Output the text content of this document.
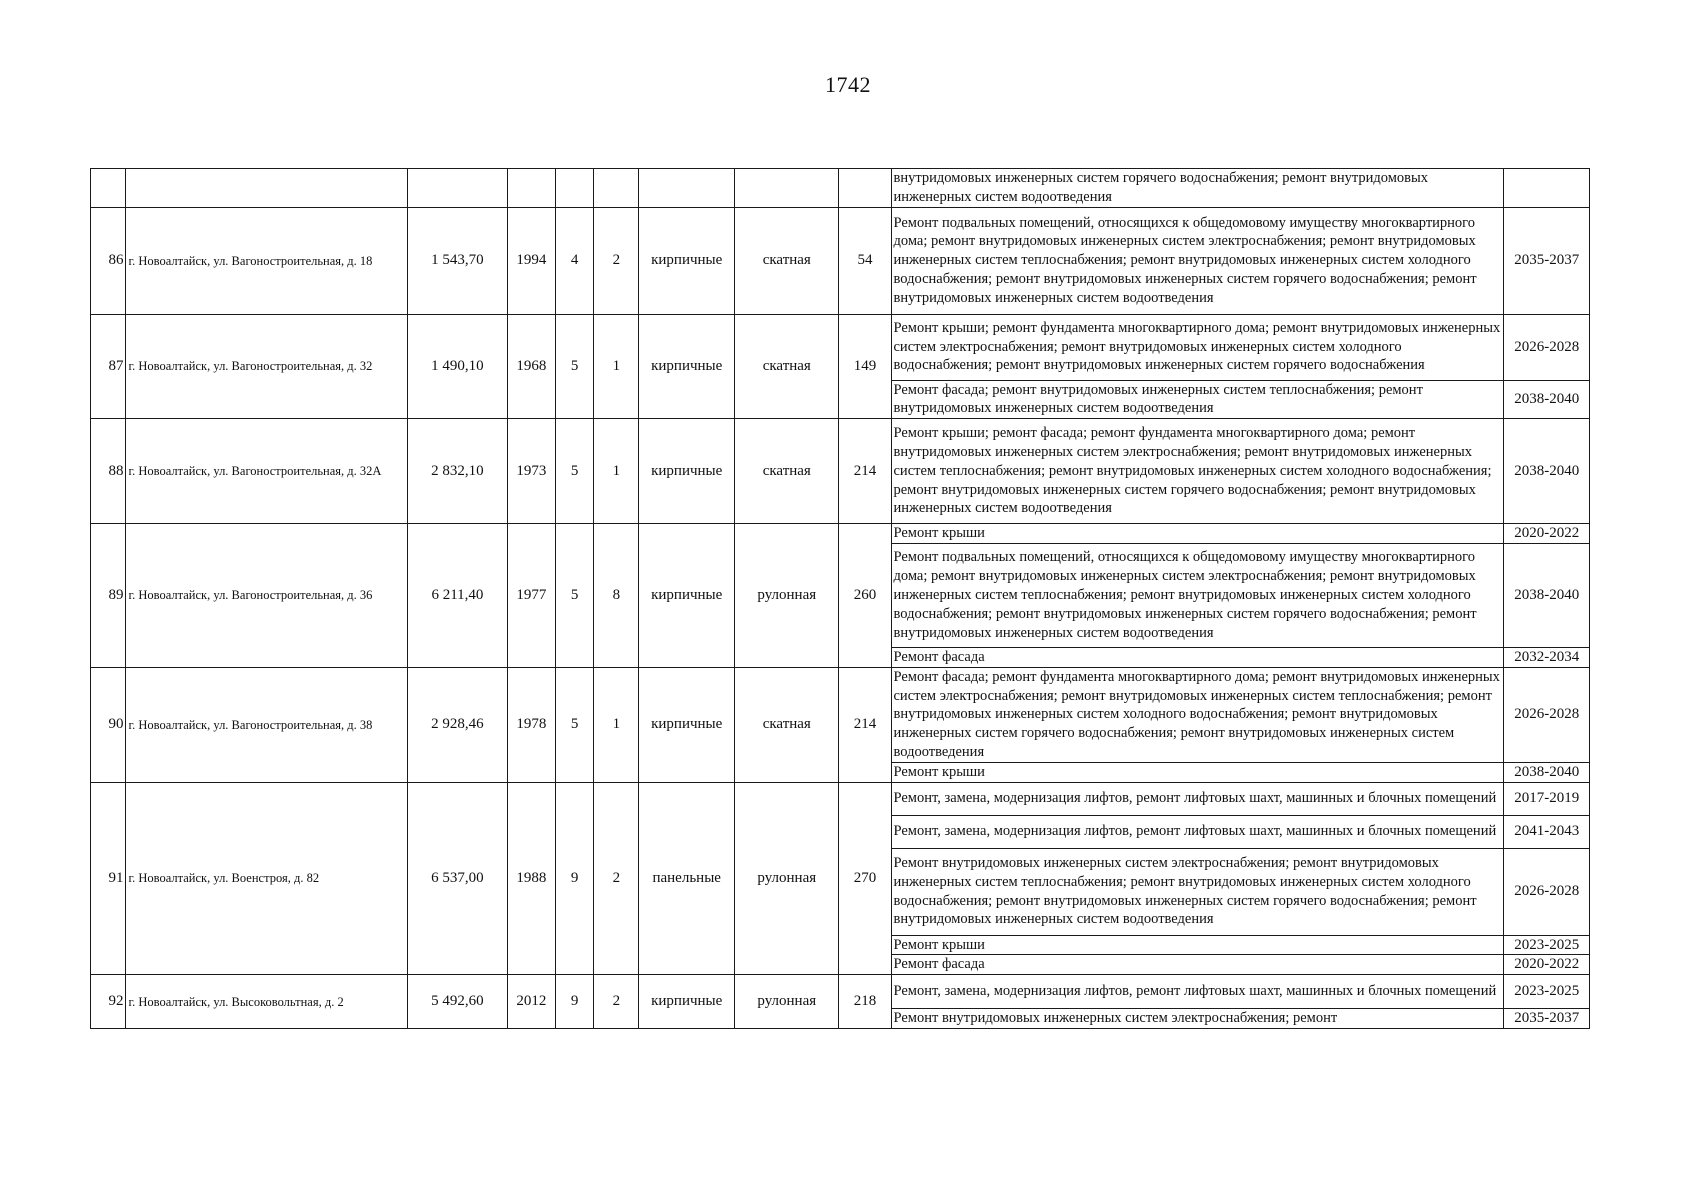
1742
									внутридомовых инженерных систем горячего водоснабжения; ремонт внутридомовых инженерных систем водоотведения	
86	г. Новоалтайск, ул. Вагоностроительная, д. 18	1 543,70	1994	4	2	кирпичные	скатная	54	Ремонт подвальных помещений, относящихся к общедомовому имуществу многоквартирного дома; ремонт внутридомовых инженерных систем электроснабжения; ремонт внутридомовых инженерных систем теплоснабжения; ремонт внутридомовых инженерных систем холодного водоснабжения; ремонт внутридомовых инженерных систем горячего водоснабжения; ремонт внутридомовых инженерных систем водоотведения	2035-2037
87	г. Новоалтайск, ул. Вагоностроительная, д. 32	1 490,10	1968	5	1	кирпичные	скатная	149	Ремонт крыши; ремонт фундамента многоквартирного дома; ремонт внутридомовых инженерных систем электроснабжения; ремонт внутридомовых инженерных систем холодного водоснабжения; ремонт внутридомовых инженерных систем горячего водоснабжения	2026-2028
									Ремонт фасада; ремонт внутридомовых инженерных систем теплоснабжения; ремонт внутридомовых инженерных систем водоотведения	2038-2040
88	г. Новоалтайск, ул. Вагоностроительная, д. 32А	2 832,10	1973	5	1	кирпичные	скатная	214	Ремонт крыши; ремонт фасада; ремонт фундамента многоквартирного дома; ремонт внутридомовых инженерных систем электроснабжения; ремонт внутридомовых инженерных систем теплоснабжения; ремонт внутридомовых инженерных систем холодного водоснабжения; ремонт внутридомовых инженерных систем горячего водоснабжения; ремонт внутридомовых инженерных систем водоотведения	2038-2040
89	г. Новоалтайск, ул. Вагоностроительная, д. 36	6 211,40	1977	5	8	кирпичные	рулонная	260	Ремонт крыши	2020-2022
									Ремонт подвальных помещений, относящихся к общедомовому имуществу многоквартирного дома; ремонт внутридомовых инженерных систем электроснабжения; ремонт внутридомовых инженерных систем теплоснабжения; ремонт внутридомовых инженерных систем холодного водоснабжения; ремонт внутридомовых инженерных систем горячего водоснабжения; ремонт внутридомовых инженерных систем водоотведения	2038-2040
									Ремонт фасада	2032-2034
90	г. Новоалтайск, ул. Вагоностроительная, д. 38	2 928,46	1978	5	1	кирпичные	скатная	214	Ремонт фасада; ремонт фундамента многоквартирного дома; ремонт внутридомовых инженерных систем электроснабжения; ремонт внутридомовых инженерных систем теплоснабжения; ремонт внутридомовых инженерных систем холодного водоснабжения; ремонт внутридомовых инженерных систем горячего водоснабжения; ремонт внутридомовых инженерных систем водоотведения	2026-2028
									Ремонт крыши	2038-2040
91	г. Новоалтайск, ул. Военстроя, д. 82	6 537,00	1988	9	2	панельные	рулонная	270	Ремонт, замена, модернизация лифтов, ремонт лифтовых шахт, машинных и блочных помещений	2017-2019
									Ремонт, замена, модернизация лифтов, ремонт лифтовых шахт, машинных и блочных помещений	2041-2043
									Ремонт внутридомовых инженерных систем электроснабжения; ремонт внутридомовых инженерных систем теплоснабжения; ремонт внутридомовых инженерных систем холодного водоснабжения; ремонт внутридомовых инженерных систем горячего водоснабжения; ремонт внутридомовых инженерных систем водоотведения	2026-2028
									Ремонт крыши	2023-2025
									Ремонт фасада	2020-2022
92	г. Новоалтайск, ул. Высоковольтная, д. 2	5 492,60	2012	9	2	кирпичные	рулонная	218	Ремонт, замена, модернизация лифтов, ремонт лифтовых шахт, машинных и блочных помещений	2023-2025
									Ремонт внутридомовых инженерных систем электроснабжения; ремонт	2035-2037
